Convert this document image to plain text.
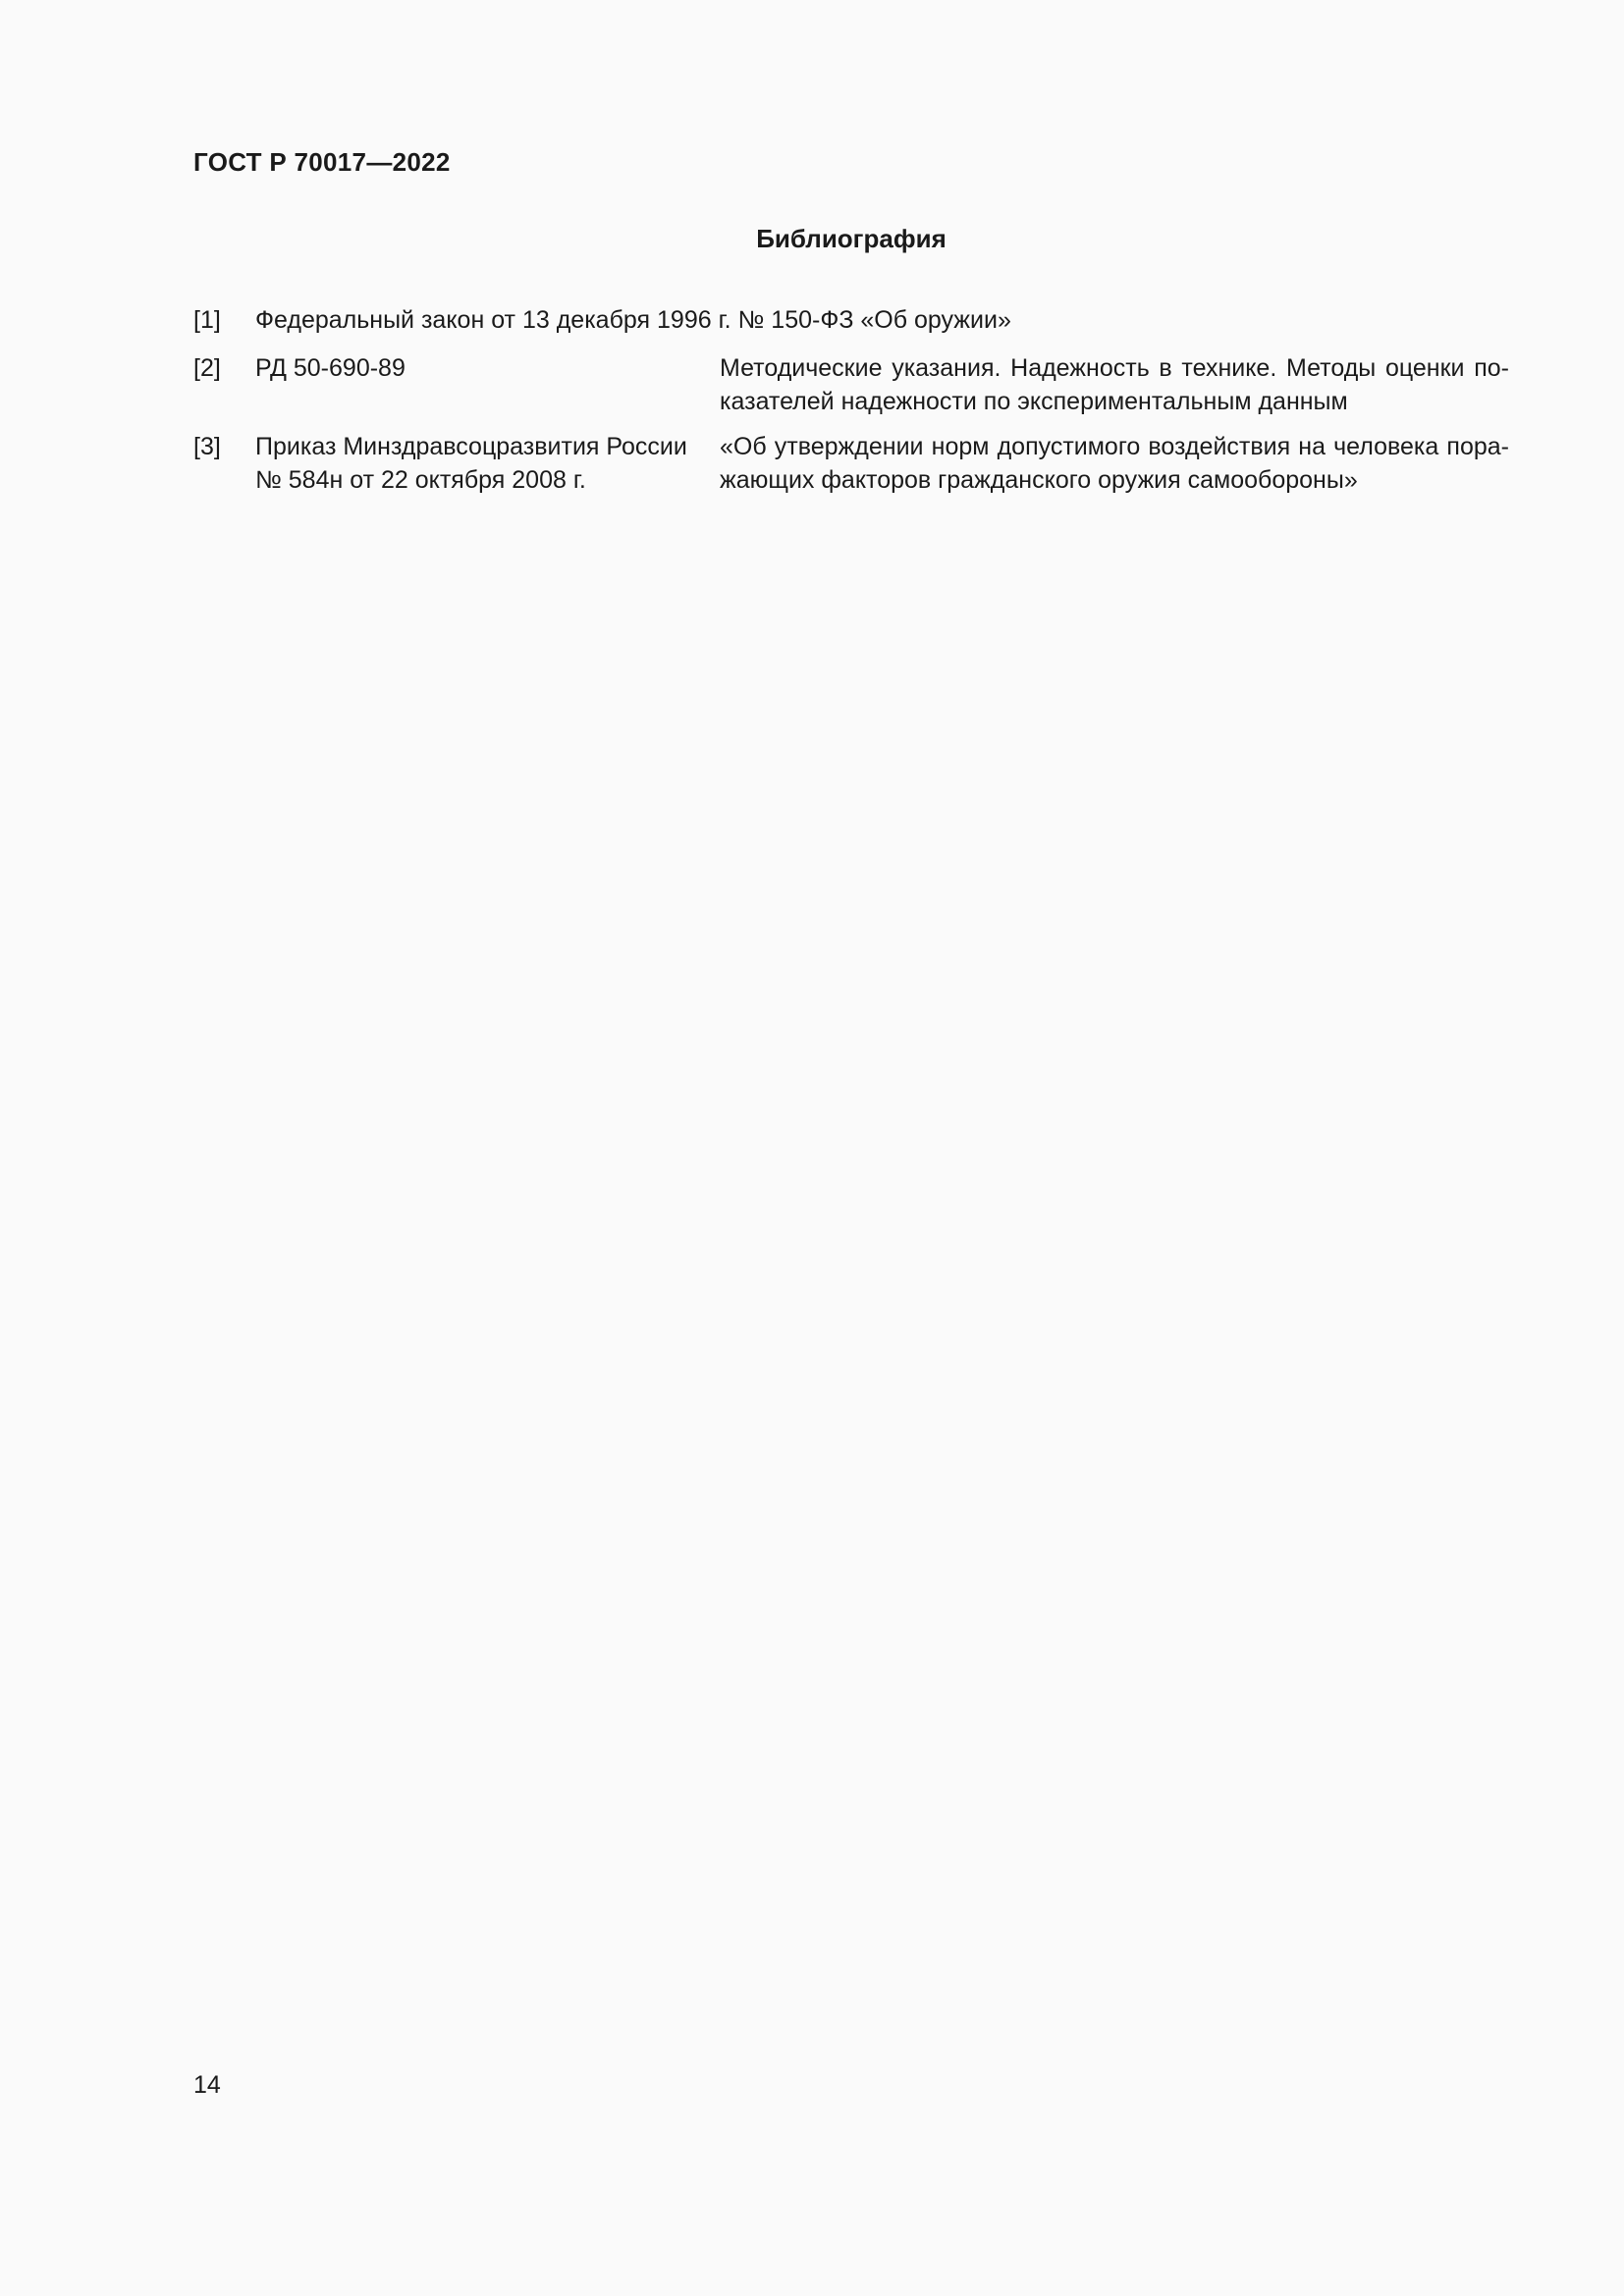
ГОСТ Р 70017—2022
Библиография
[1] Федеральный закон от 13 декабря 1996 г. № 150-ФЗ «Об оружии»
[2] РД 50-690-89	Методические указания. Надежность в технике. Методы оценки по-
казателей надежности по экспериментальным данным
[3] Приказ Минздравсоцразвития России
№ 584н от 22 октября 2008 г.
«Об утверждении норм допустимого воздействия на человека пора-
жающих факторов гражданского оружия самообороны»
14
